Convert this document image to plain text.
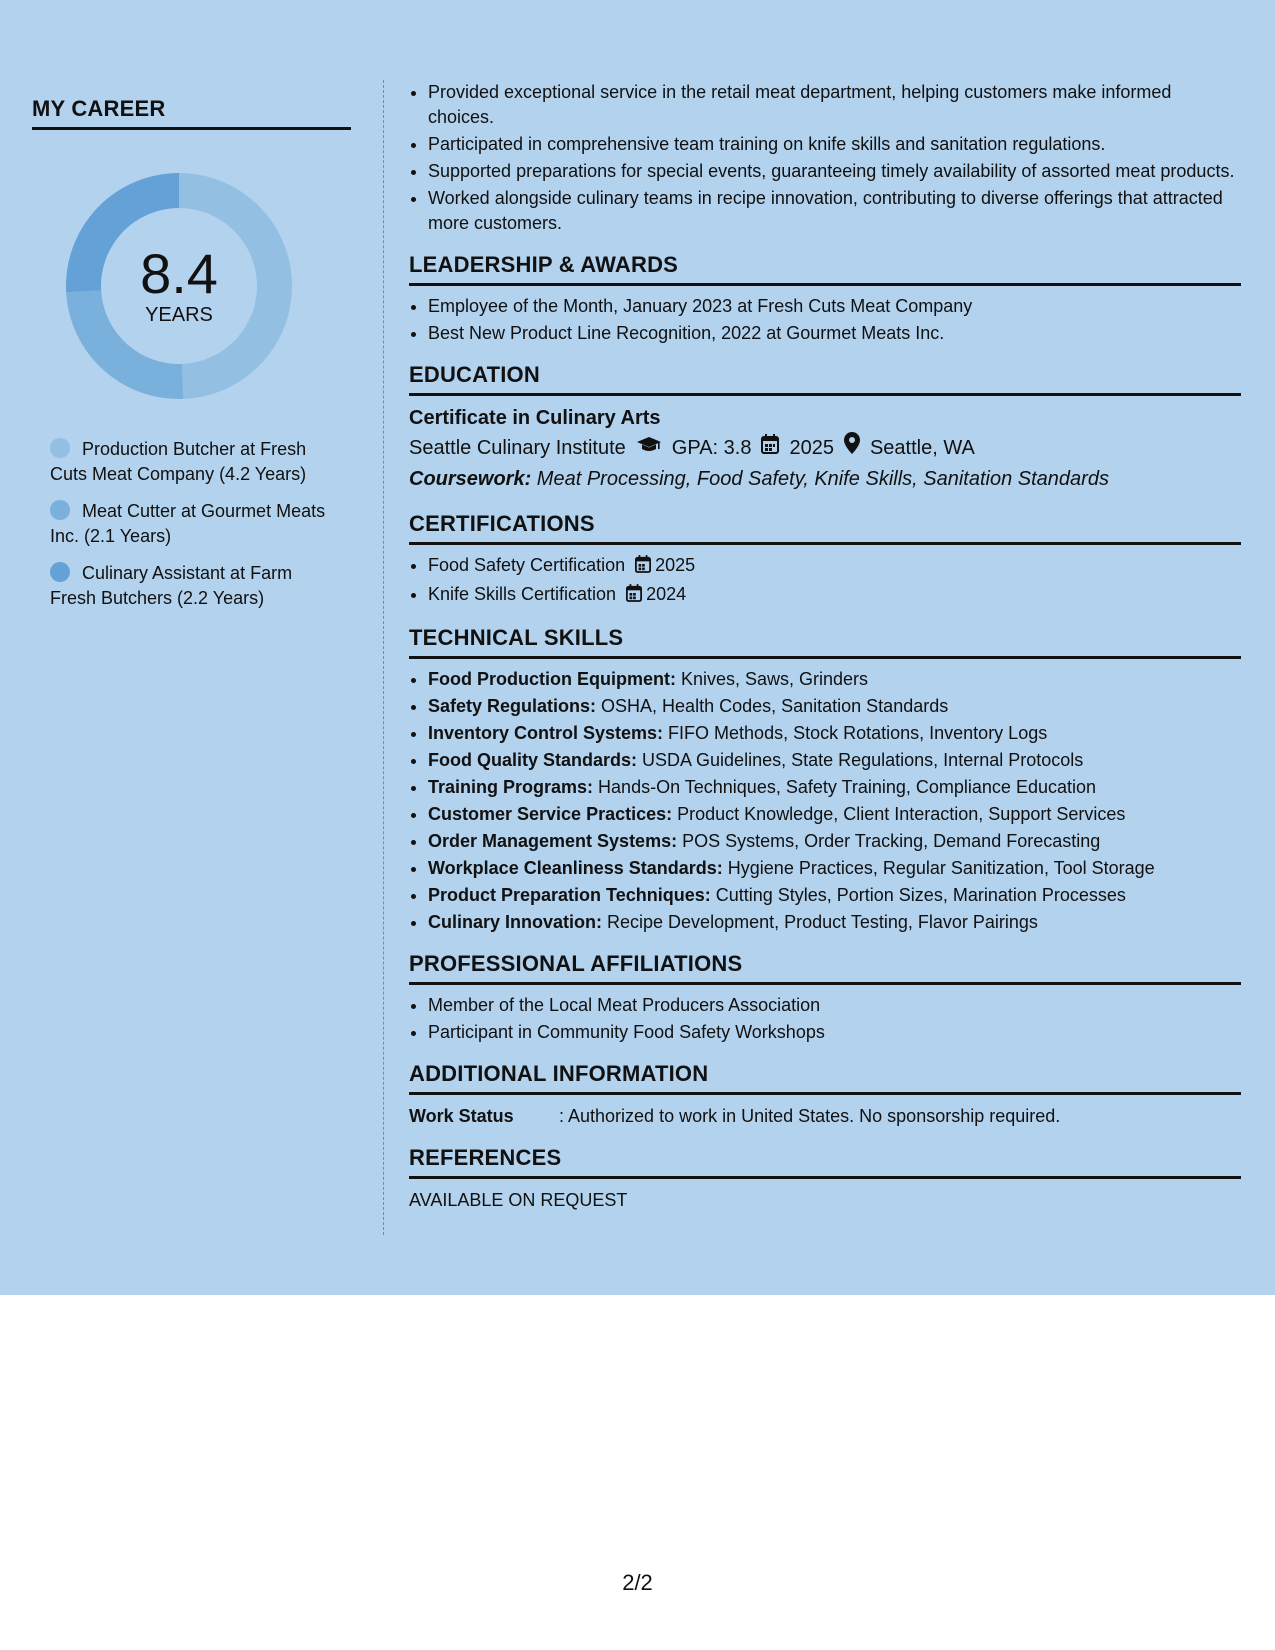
MY CAREER
8.4
YEARS
Production Butcher at Fresh Cuts Meat Company (4.2 Years)
Meat Cutter at Gourmet Meats Inc. (2.1 Years)
Culinary Assistant at Farm Fresh Butchers (2.2 Years)
• Provided exceptional service in the retail meat department, helping customers make informed choices.
• Participated in comprehensive team training on knife skills and sanitation regulations.
• Supported preparations for special events, guaranteeing timely availability of assorted meat products.
• Worked alongside culinary teams in recipe innovation, contributing to diverse offerings that attracted more customers.
LEADERSHIP & AWARDS
• Employee of the Month, January 2023 at Fresh Cuts Meat Company
• Best New Product Line Recognition, 2022 at Gourmet Meats Inc.
EDUCATION
Certificate in Culinary Arts
Seattle Culinary Institute GPA: 3.8 2025 Seattle, WA
Coursework: Meat Processing, Food Safety, Knife Skills, Sanitation Standards
CERTIFICATIONS
• Food Safety Certification 2025
• Knife Skills Certification 2024
TECHNICAL SKILLS
• Food Production Equipment: Knives, Saws, Grinders
• Safety Regulations: OSHA, Health Codes, Sanitation Standards
• Inventory Control Systems: FIFO Methods, Stock Rotations, Inventory Logs
• Food Quality Standards: USDA Guidelines, State Regulations, Internal Protocols
• Training Programs: Hands-On Techniques, Safety Training, Compliance Education
• Customer Service Practices: Product Knowledge, Client Interaction, Support Services
• Order Management Systems: POS Systems, Order Tracking, Demand Forecasting
• Workplace Cleanliness Standards: Hygiene Practices, Regular Sanitization, Tool Storage
• Product Preparation Techniques: Cutting Styles, Portion Sizes, Marination Processes
• Culinary Innovation: Recipe Development, Product Testing, Flavor Pairings
PROFESSIONAL AFFILIATIONS
• Member of the Local Meat Producers Association
• Participant in Community Food Safety Workshops
ADDITIONAL INFORMATION
Work Status	: Authorized to work in United States. No sponsorship required.
REFERENCES
AVAILABLE ON REQUEST
2/2
